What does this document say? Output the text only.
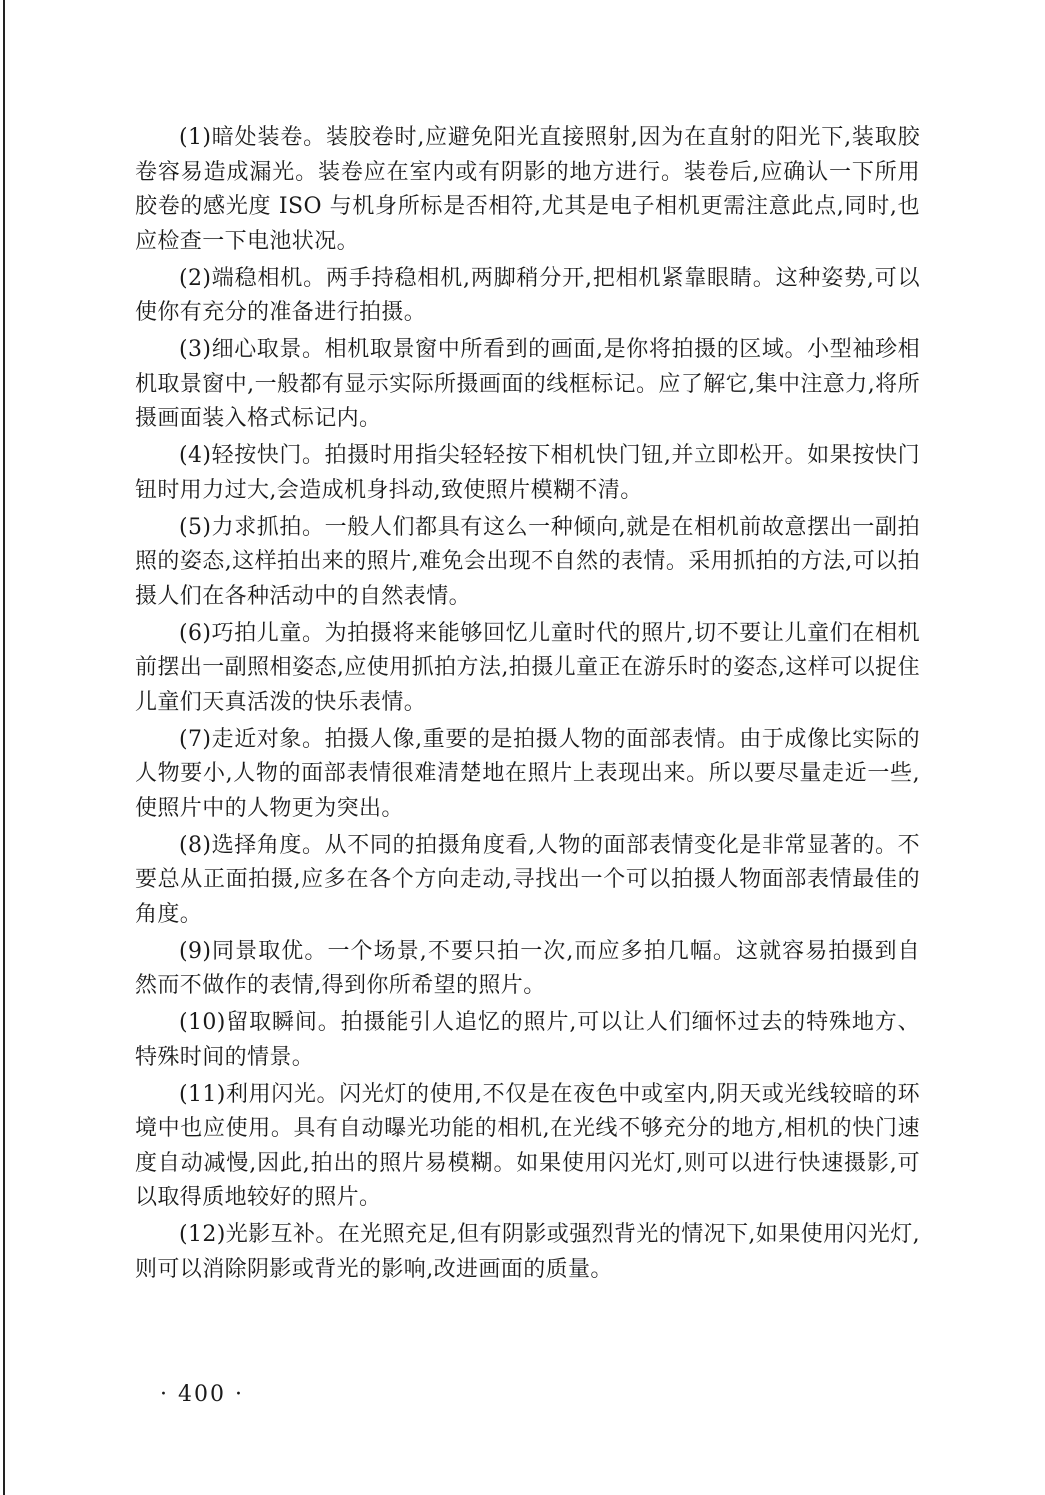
(1)暗处装卷。装胶卷时,应避免阳光直接照射,因为在直射的阳光下,装取胶卷容易造成漏光。装卷应在室内或有阴影的地方进行。装卷后,应确认一下所用胶卷的感光度 ISO 与机身所标是否相符,尤其是电子相机更需注意此点,同时,也应检查一下电池状况。

(2)端稳相机。两手持稳相机,两脚稍分开,把相机紧靠眼睛。这种姿势,可以使你有充分的准备进行拍摄。

(3)细心取景。相机取景窗中所看到的画面,是你将拍摄的区域。小型袖珍相机取景窗中,一般都有显示实际所摄画面的线框标记。应了解它,集中注意力,将所摄画面装入格式标记内。

(4)轻按快门。拍摄时用指尖轻轻按下相机快门钮,并立即松开。如果按快门钮时用力过大,会造成机身抖动,致使照片模糊不清。

(5)力求抓拍。一般人们都具有这么一种倾向,就是在相机前故意摆出一副拍照的姿态,这样拍出来的照片,难免会出现不自然的表情。采用抓拍的方法,可以拍摄人们在各种活动中的自然表情。

(6)巧拍儿童。为拍摄将来能够回忆儿童时代的照片,切不要让儿童们在相机前摆出一副照相姿态,应使用抓拍方法,拍摄儿童正在游乐时的姿态,这样可以捉住儿童们天真活泼的快乐表情。

(7)走近对象。拍摄人像,重要的是拍摄人物的面部表情。由于成像比实际的人物要小,人物的面部表情很难清楚地在照片上表现出来。所以要尽量走近一些,使照片中的人物更为突出。

(8)选择角度。从不同的拍摄角度看,人物的面部表情变化是非常显著的。不要总从正面拍摄,应多在各个方向走动,寻找出一个可以拍摄人物面部表情最佳的角度。

(9)同景取优。一个场景,不要只拍一次,而应多拍几幅。这就容易拍摄到自然而不做作的表情,得到你所希望的照片。

(10)留取瞬间。拍摄能引人追忆的照片,可以让人们缅怀过去的特殊地方、特殊时间的情景。

(11)利用闪光。闪光灯的使用,不仅是在夜色中或室内,阴天或光线较暗的环境中也应使用。具有自动曝光功能的相机,在光线不够充分的地方,相机的快门速度自动减慢,因此,拍出的照片易模糊。如果使用闪光灯,则可以进行快速摄影,可以取得质地较好的照片。

(12)光影互补。在光照充足,但有阴影或强烈背光的情况下,如果使用闪光灯,则可以消除阴影或背光的影响,改进画面的质量。

· 400 ·
